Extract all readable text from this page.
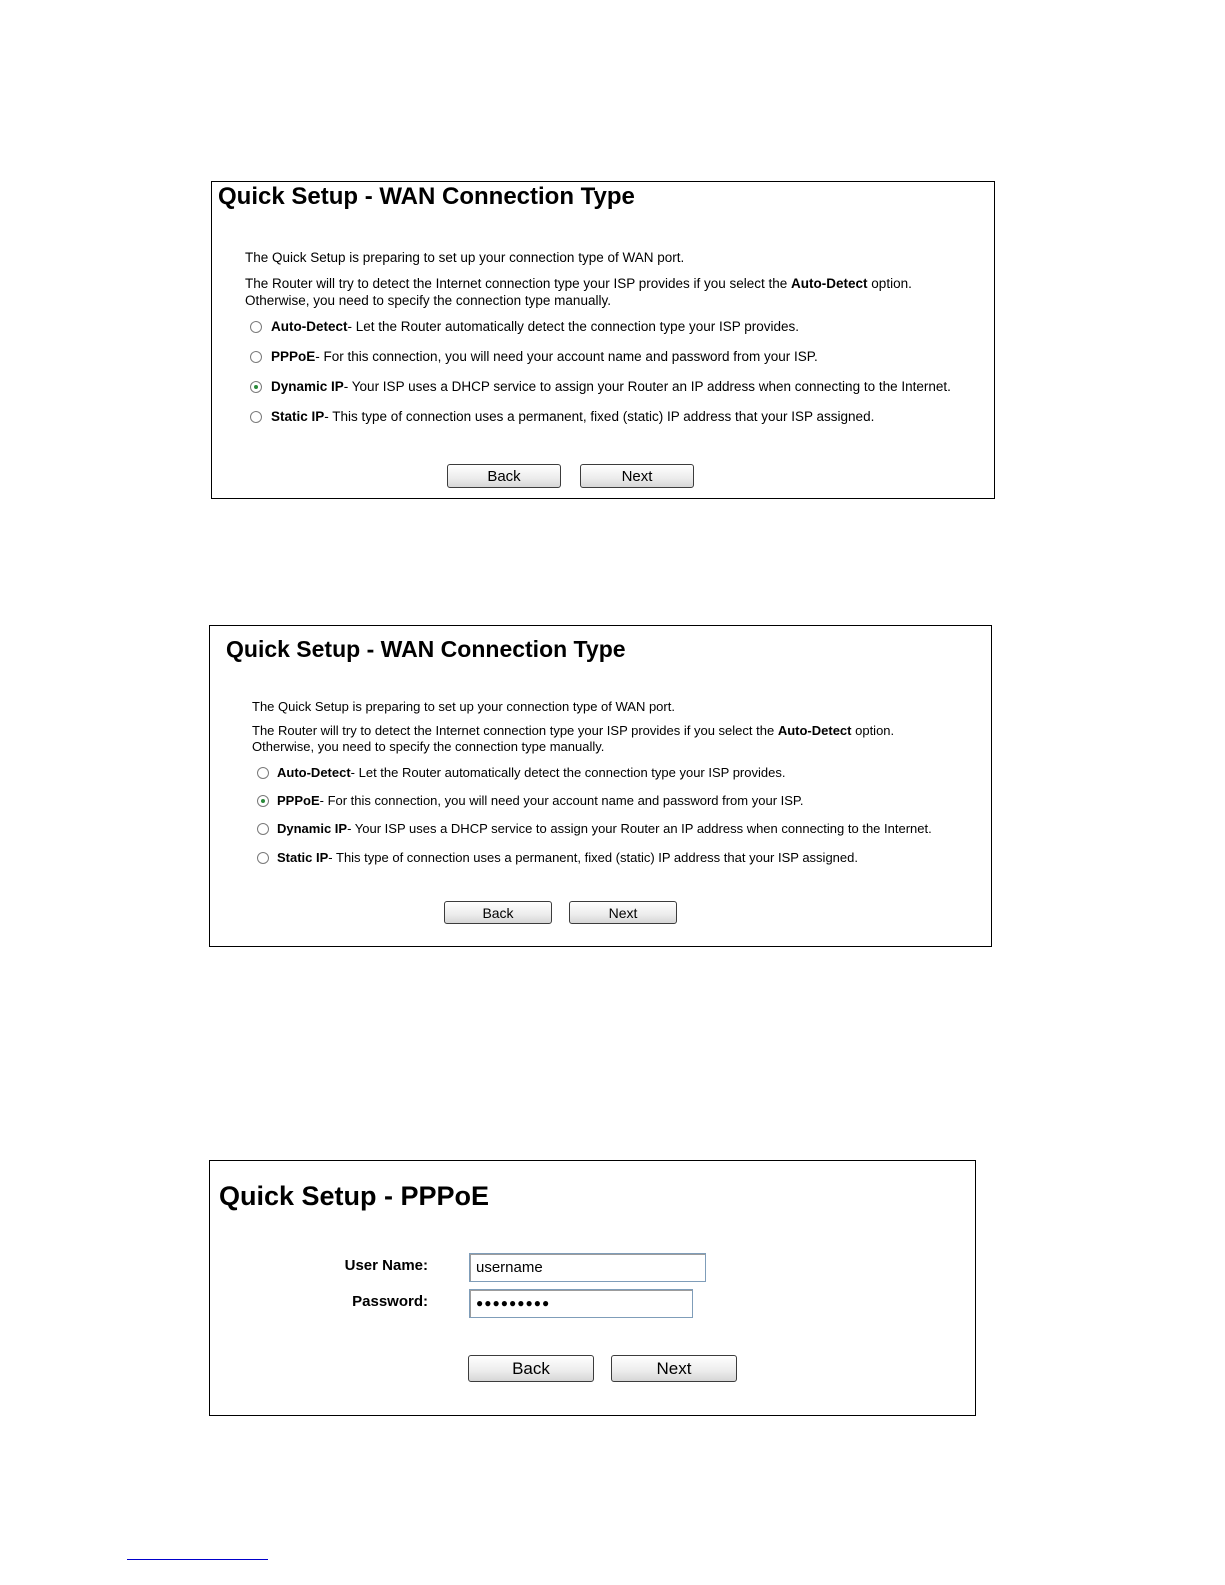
Quick Setup - WAN Connection Type
The Quick Setup is preparing to set up your connection type of WAN port.
The Router will try to detect the Internet connection type your ISP provides if you select the Auto-Detect option.
Otherwise, you need to specify the connection type manually.
Auto-Detect - Let the Router automatically detect the connection type your ISP provides.
PPPoE - For this connection, you will need your account name and password from your ISP.
Dynamic IP - Your ISP uses a DHCP service to assign your Router an IP address when connecting to the Internet.
Static IP - This type of connection uses a permanent, fixed (static) IP address that your ISP assigned.
Back	Next
Quick Setup - WAN Connection Type
The Quick Setup is preparing to set up your connection type of WAN port.
The Router will try to detect the Internet connection type your ISP provides if you select the Auto-Detect option.
Otherwise, you need to specify the connection type manually.
Auto-Detect - Let the Router automatically detect the connection type your ISP provides.
PPPoE - For this connection, you will need your account name and password from your ISP.
Dynamic IP - Your ISP uses a DHCP service to assign your Router an IP address when connecting to the Internet.
Static IP - This type of connection uses a permanent, fixed (static) IP address that your ISP assigned.
Back	Next
Quick Setup - PPPoE
User Name:
username
Password:	●●●●●●●●●
Back	Next
